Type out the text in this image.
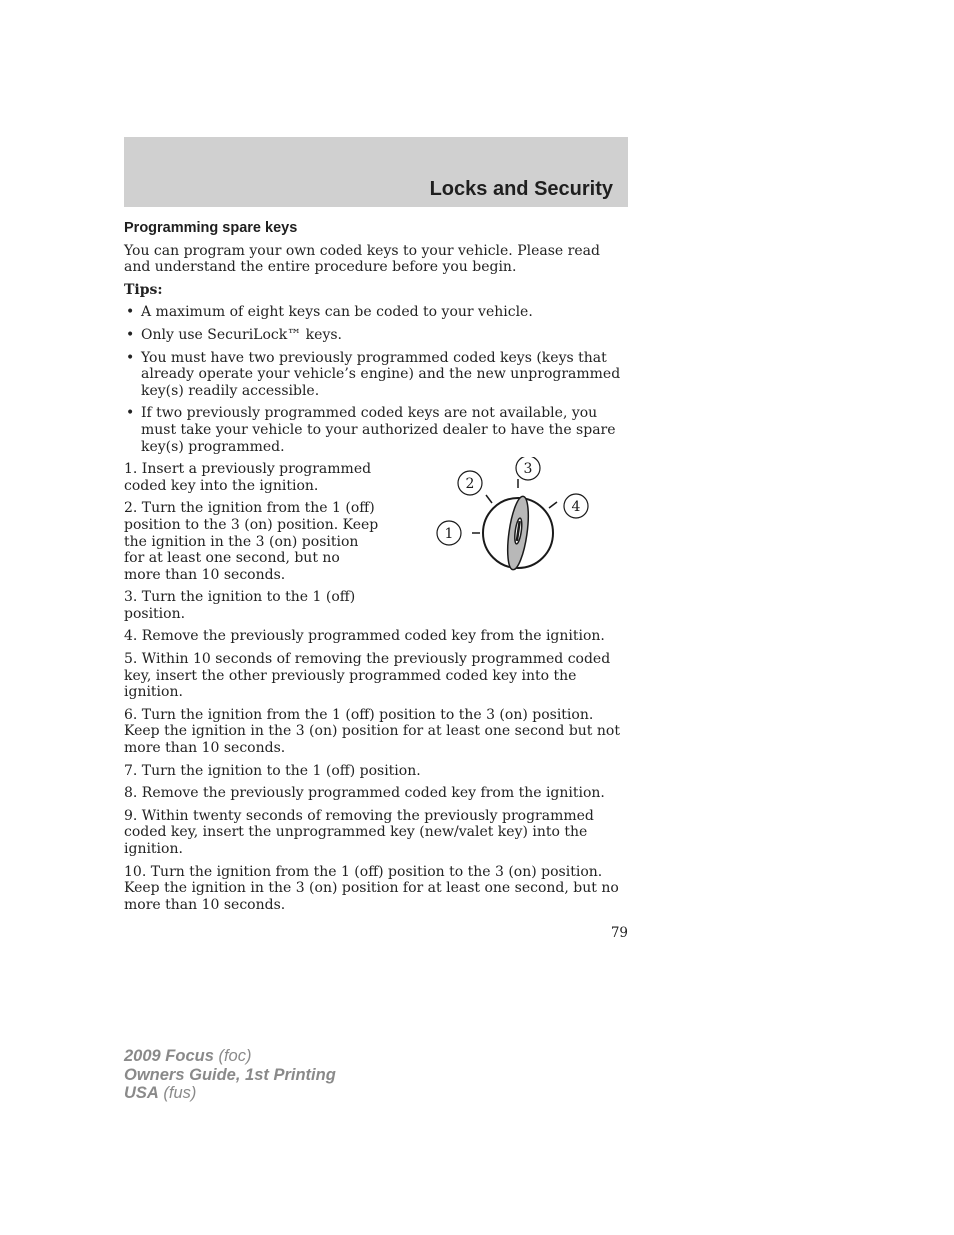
Locks and Security
Programming spare keys

You can program your own coded keys to your vehicle. Please read and understand the entire procedure before you begin.

Tips:

• A maximum of eight keys can be coded to your vehicle.
• Only use SecuriLock™ keys.
• You must have two previously programmed coded keys (keys that already operate your vehicle’s engine) and the new unprogrammed key(s) readily accessible.
• If two previously programmed coded keys are not available, you must take your vehicle to your authorized dealer to have the spare key(s) programmed.

1. Insert a previously programmed coded key into the ignition.

2. Turn the ignition from the 1 (off) position to the 3 (on) position. Keep the ignition in the 3 (on) position for at least one second, but no more than 10 seconds.

3. Turn the ignition to the 1 (off) position.

1
2
3
4

4. Remove the previously programmed coded key from the ignition.

5. Within 10 seconds of removing the previously programmed coded key, insert the other previously programmed coded key into the ignition.

6. Turn the ignition from the 1 (off) position to the 3 (on) position. Keep the ignition in the 3 (on) position for at least one second but not more than 10 seconds.

7. Turn the ignition to the 1 (off) position.

8. Remove the previously programmed coded key from the ignition.

9. Within twenty seconds of removing the previously programmed coded key, insert the unprogrammed key (new/valet key) into the ignition.

10. Turn the ignition from the 1 (off) position to the 3 (on) position. Keep the ignition in the 3 (on) position for at least one second, but no more than 10 seconds.

79
2009 Focus (foc)
Owners Guide, 1st Printing
USA (fus)
